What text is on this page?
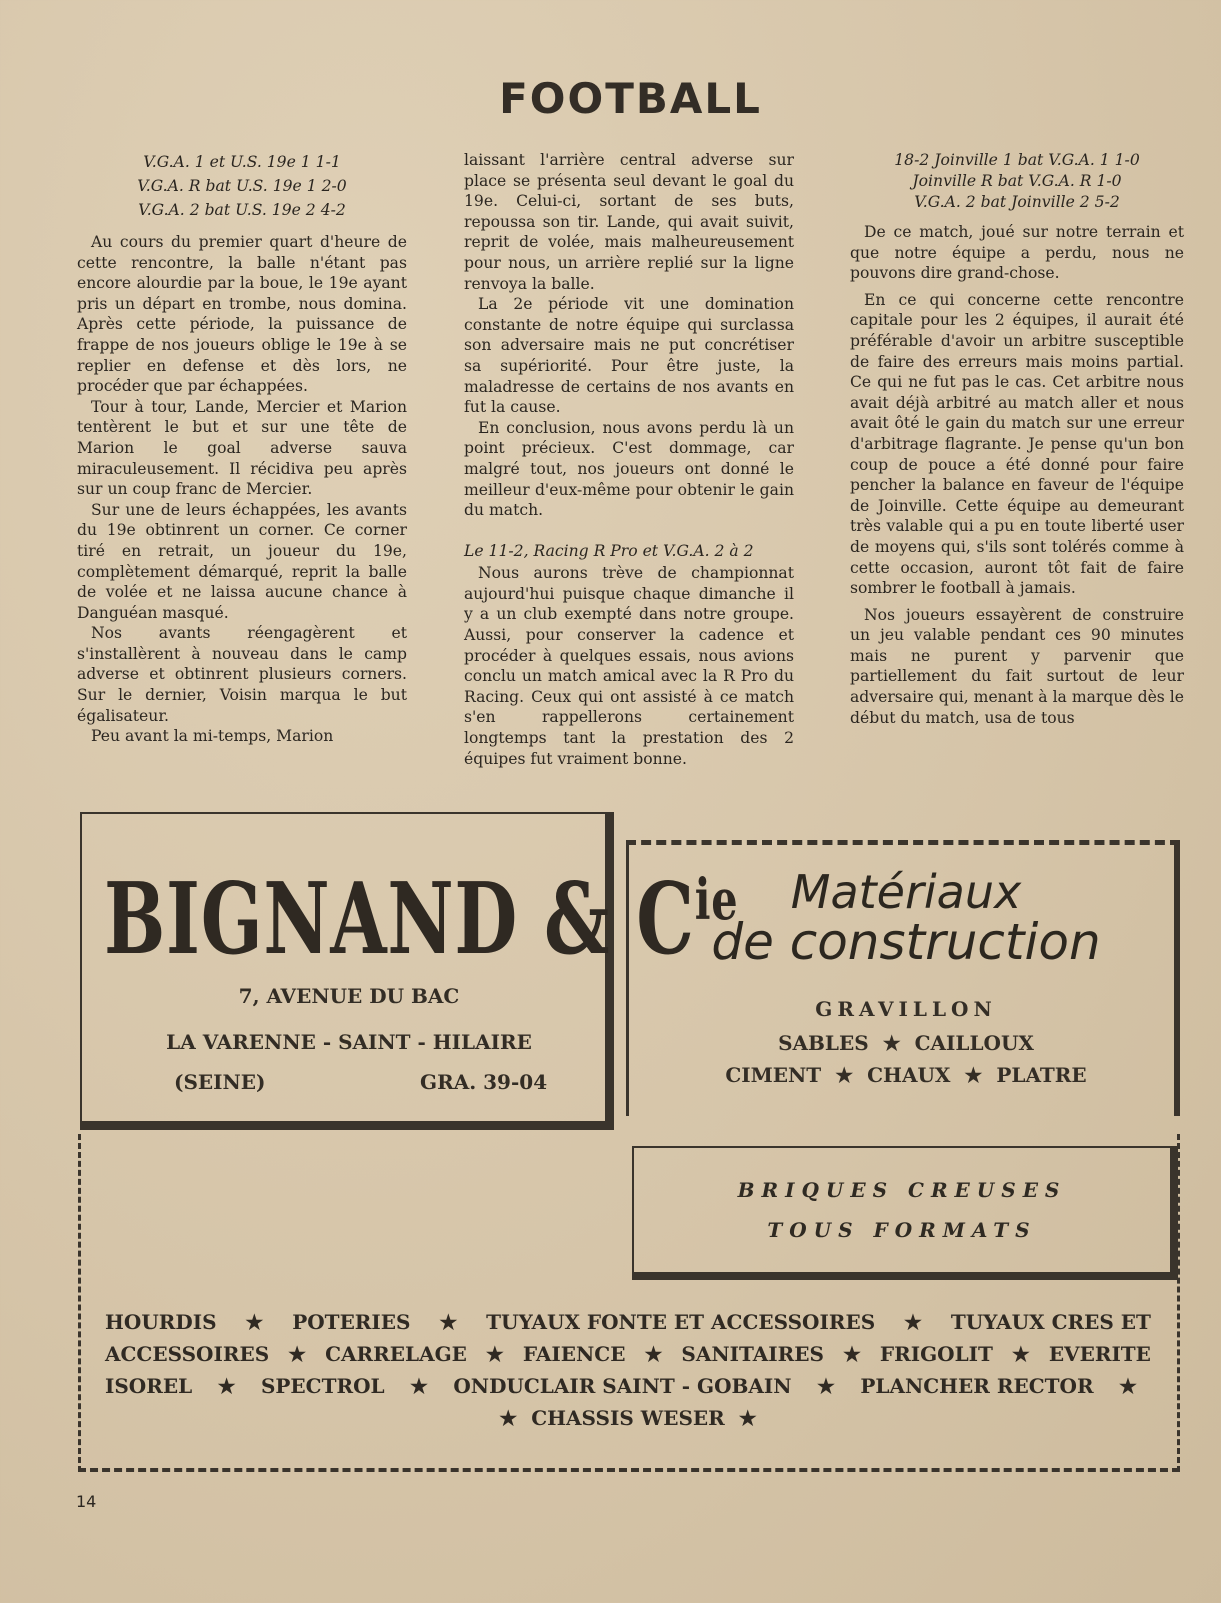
FOOTBALL
V.G.A. 1 et U.S. 19e 1 1-1
V.G.A. R bat U.S. 19e 1 2-0
V.G.A. 2 bat U.S. 19e 2 4-2

Au cours du premier quart d'heure de cette rencontre, la balle n'étant pas encore alourdie par la boue, le 19e ayant pris un départ en trombe, nous domina. Après cette période, la puissance de frappe de nos joueurs oblige le 19e à se replier en defense et dès lors, ne procéder que par échappées.

Tour à tour, Lande, Mercier et Marion tentèrent le but et sur une tête de Marion le goal adverse sauva miraculeusement. Il récidiva peu après sur un coup franc de Mercier.

Sur une de leurs échappées, les avants du 19e obtinrent un corner. Ce corner tiré en retrait, un joueur du 19e, complètement démarqué, reprit la balle de volée et ne laissa aucune chance à Danguéan masqué.

Nos avants réengagèrent et s'installèrent à nouveau dans le camp adverse et obtinrent plusieurs corners. Sur le dernier, Voisin marqua le but égalisateur.

Peu avant la mi-temps, Marion

laissant l'arrière central adverse sur place se présenta seul devant le goal du 19e. Celui-ci, sortant de ses buts, repoussa son tir. Lande, qui avait suivit, reprit de volée, mais malheureusement pour nous, un arrière replié sur la ligne renvoya la balle.

La 2e période vit une domination constante de notre équipe qui surclassa son adversaire mais ne put concrétiser sa supériorité. Pour être juste, la maladresse de certains de nos avants en fut la cause.

En conclusion, nous avons perdu là un point précieux. C'est dommage, car malgré tout, nos joueurs ont donné le meilleur d'eux-même pour obtenir le gain du match.

Le 11-2, Racing R Pro et V.G.A. 2 à 2

Nous aurons trève de championnat aujourd'hui puisque chaque dimanche il y a un club exempté dans notre groupe. Aussi, pour conserver la cadence et procéder à quelques essais, nous avions conclu un match amical avec la R Pro du Racing. Ceux qui ont assisté à ce match s'en rappellerons certainement longtemps tant la prestation des 2 équipes fut vraiment bonne.

18-2 Joinville 1 bat V.G.A. 1 1-0
Joinville R bat V.G.A. R 1-0
V.G.A. 2 bat Joinville 2 5-2

De ce match, joué sur notre terrain et que notre équipe a perdu, nous ne pouvons dire grand-chose.

En ce qui concerne cette rencontre capitale pour les 2 équipes, il aurait été préférable d'avoir un arbitre susceptible de faire des erreurs mais moins partial. Ce qui ne fut pas le cas. Cet arbitre nous avait déjà arbitré au match aller et nous avait ôté le gain du match sur une erreur d'arbitrage flagrante. Je pense qu'un bon coup de pouce a été donné pour faire pencher la balance en faveur de l'équipe de Joinville. Cette équipe au demeurant très valable qui a pu en toute liberté user de moyens qui, s'ils sont tolérés comme à cette occasion, auront tôt fait de faire sombrer le football à jamais.

Nos joueurs essayèrent de construire un jeu valable pendant ces 90 minutes mais ne purent y parvenir que partiellement du fait surtout de leur adversaire qui, menant à la marque dès le début du match, usa de tous

HOURDIS ★ POTERIES ★ TUYAUX FONTE ET ACCESSOIRES ★ TUYAUX CRES ET
ACCESSOIRES ★ CARRELAGE ★ FAIENCE ★ SANITAIRES ★ FRIGOLIT ★ EVERITE
ISOREL ★ SPECTROL ★ ONDUCLAIR SAINT - GOBAIN ★ PLANCHER RECTOR ★
★ CHASSIS WESER ★
BIGNAND & $C^{ie}$
7, AVENUE DU BAC
LA VARENNE - SAINT - HILAIRE
(SEINE)	GRA. 39-04
Matériaux
de construction
GRAVILLON
SABLES ★ CAILLOUX
CIMENT ★ CHAUX ★ PLATRE
BRIQUES CREUSES
TOUS FORMATS
14
